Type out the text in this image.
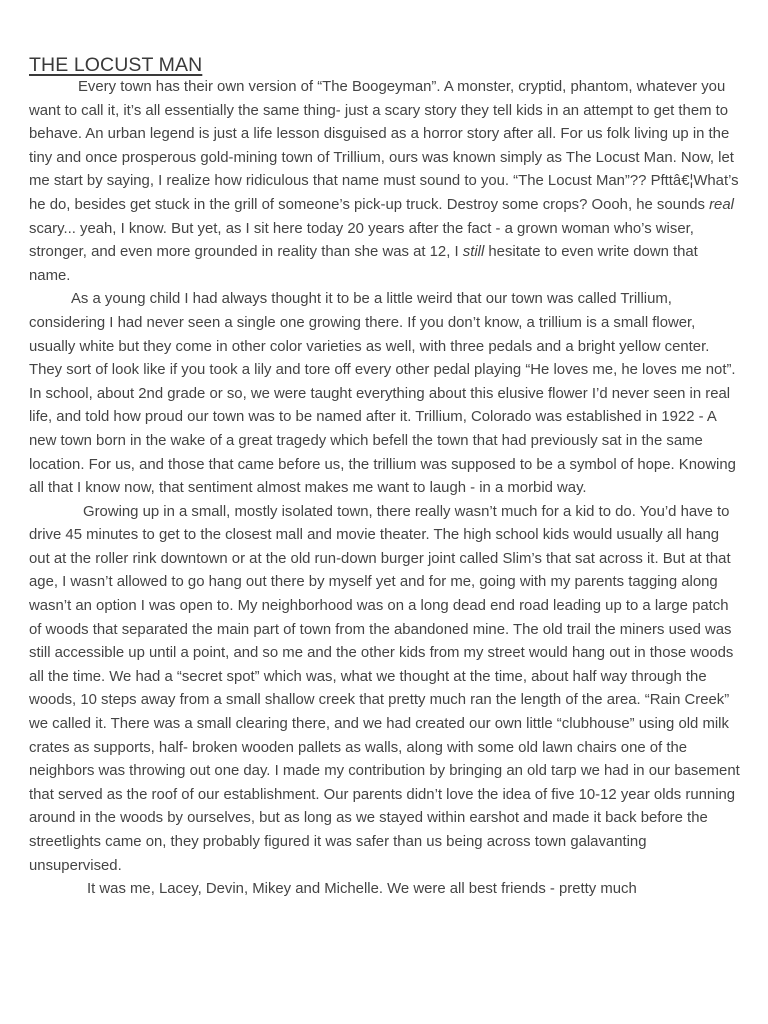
THE LOCUST MAN

Every town has their own version of “The Boogeyman”. A monster, cryptid, phantom, whatever you want to call it, it’s all essentially the same thing- just a scary story they tell kids in an attempt to get them to behave. An urban legend is just a life lesson disguised as a horror story after all. For us folk living up in the tiny and once prosperous gold-mining town of Trillium, ours was known simply as The Locust Man. Now, let me start by saying, I realize how ridiculous that name must sound to you. “The Locust Man”?? Pfttâ€¦What’s he do, besides get stuck in the grill of someone’s pick-up truck. Destroy some crops? Oooh, he sounds real scary... yeah, I know. But yet, as I sit here today 20 years after the fact - a grown woman who’s wiser, stronger, and even more grounded in reality than she was at 12, I still hesitate to even write down that name.

As a young child I had always thought it to be a little weird that our town was called Trillium, considering I had never seen a single one growing there. If you don’t know, a trillium is a small flower, usually white but they come in other color varieties as well, with three pedals and a bright yellow center. They sort of look like if you took a lily and tore off every other pedal playing “He loves me, he loves me not”. In school, about 2nd grade or so, we were taught everything about this elusive flower I’d never seen in real life, and told how proud our town was to be named after it. Trillium, Colorado was established in 1922 - A new town born in the wake of a great tragedy which befell the town that had previously sat in the same location. For us, and those that came before us, the trillium was supposed to be a symbol of hope. Knowing all that I know now, that sentiment almost makes me want to laugh - in a morbid way.

Growing up in a small, mostly isolated town, there really wasn’t much for a kid to do. You’d have to drive 45 minutes to get to the closest mall and movie theater. The high school kids would usually all hang out at the roller rink downtown or at the old run-down burger joint called Slim’s that sat across it. But at that age, I wasn’t allowed to go hang out there by myself yet and for me, going with my parents tagging along wasn’t an option I was open to. My neighborhood was on a long dead end road leading up to a large patch of woods that separated the main part of town from the abandoned mine. The old trail the miners used was still accessible up until a point, and so me and the other kids from my street would hang out in those woods all the time. We had a “secret spot” which was, what we thought at the time, about half way through the woods, 10 steps away from a small shallow creek that pretty much ran the length of the area. “Rain Creek” we called it. There was a small clearing there, and we had created our own little “clubhouse” using old milk crates as supports, half- broken wooden pallets as walls, along with some old lawn chairs one of the neighbors was throwing out one day. I made my contribution by bringing an old tarp we had in our basement that served as the roof of our establishment. Our parents didn’t love the idea of five 10-12 year olds running around in the woods by ourselves, but as long as we stayed within earshot and made it back before the streetlights came on, they probably figured it was safer than us being across town galavanting unsupervised.

It was me, Lacey, Devin, Mikey and Michelle. We were all best friends - pretty much
